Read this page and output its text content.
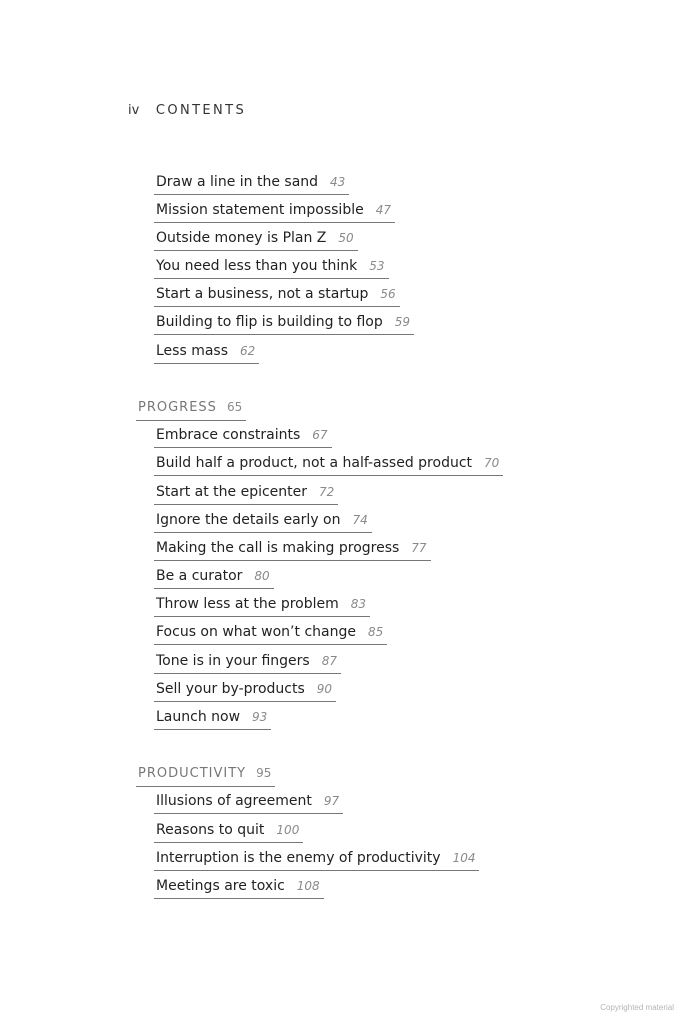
iv CONTENTS
Draw a line in the sand 43
Mission statement impossible 47
Outside money is Plan Z 50
You need less than you think 53
Start a business, not a startup 56
Building to flip is building to flop 59
Less mass 62
PROGRESS 65
Embrace constraints 67
Build half a product, not a half-assed product 70
Start at the epicenter 72
Ignore the details early on 74
Making the call is making progress 77
Be a curator 80
Throw less at the problem 83
Focus on what won’t change 85
Tone is in your fingers 87
Sell your by-products 90
Launch now 93
PRODUCTIVITY 95
Illusions of agreement 97
Reasons to quit 100
Interruption is the enemy of productivity 104
Meetings are toxic 108
Copyrighted material
